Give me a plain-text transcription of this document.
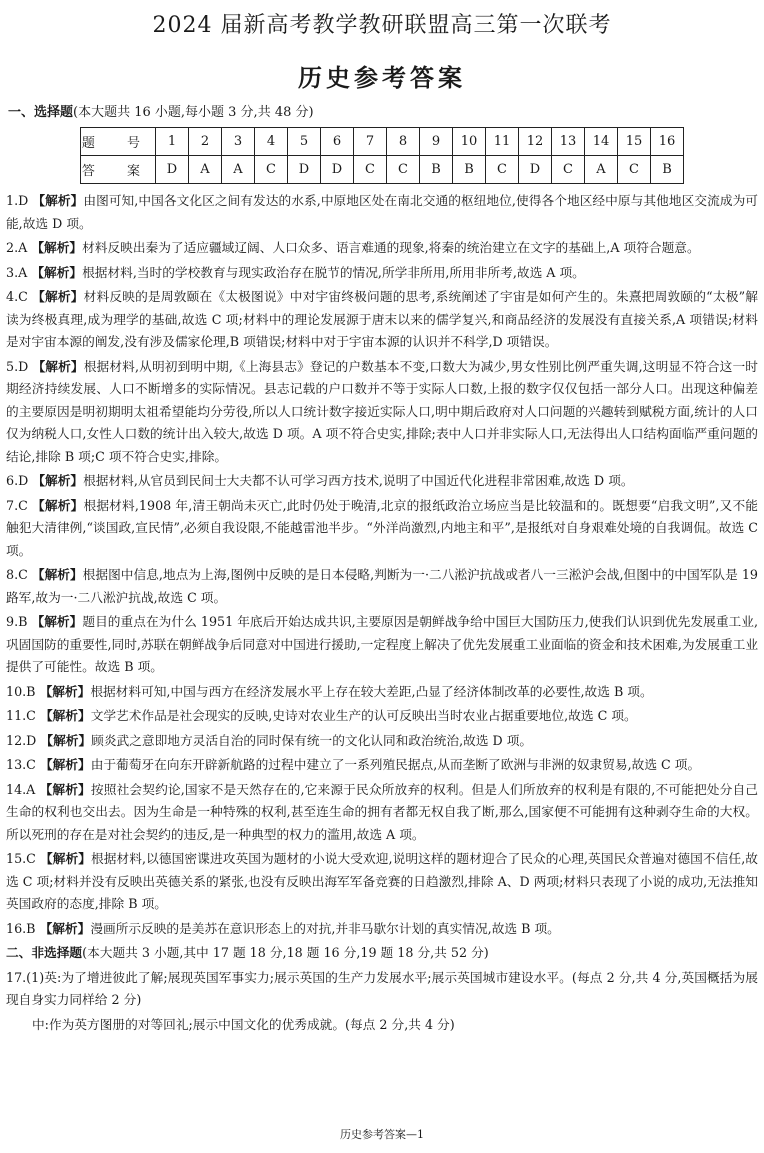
2024 届新高考教学教研联盟高三第一次联考
历史参考答案
一、选择题(本大题共 16 小题,每小题 3 分,共 48 分)
题 号	1	2	3	4	5	6	7	8	9	10	11	12	13	14	15	16
答 案	D	A	A	C	D	D	C	C	B	B	C	D	C	A	C	B
1.D 【解析】由图可知,中国各文化区之间有发达的水系,中原地区处在南北交通的枢纽地位,使得各个地区经中原与其他地区交流成为可能,故选 D 项。
2.A 【解析】材料反映出秦为了适应疆域辽阔、人口众多、语言难通的现象,将秦的统治建立在文字的基础上,A 项符合题意。
3.A 【解析】根据材料,当时的学校教育与现实政治存在脱节的情况,所学非所用,所用非所考,故选 A 项。
4.C 【解析】材料反映的是周敦颐在《太极图说》中对宇宙终极问题的思考,系统阐述了宇宙是如何产生的。朱熹把周敦颐的“太极”解读为终极真理,成为理学的基础,故选 C 项;材料中的理论发展源于唐末以来的儒学复兴,和商品经济的发展没有直接关系,A 项错误;材料是对宇宙本源的阐发,没有涉及儒家伦理,B 项错误;材料中对于宇宙本源的认识并不科学,D 项错误。
5.D 【解析】根据材料,从明初到明中期,《上海县志》登记的户数基本不变,口数大为减少,男女性别比例严重失调,这明显不符合这一时期经济持续发展、人口不断增多的实际情况。县志记载的户口数并不等于实际人口数,上报的数字仅仅包括一部分人口。出现这种偏差的主要原因是明初期明太祖希望能均分劳役,所以人口统计数字接近实际人口,明中期后政府对人口问题的兴趣转到赋税方面,统计的人口仅为纳税人口,女性人口数的统计出入较大,故选 D 项。A 项不符合史实,排除;表中人口并非实际人口,无法得出人口结构面临严重问题的结论,排除 B 项;C 项不符合史实,排除。
6.D 【解析】根据材料,从官员到民间士大夫都不认可学习西方技术,说明了中国近代化进程非常困难,故选 D 项。
7.C 【解析】根据材料,1908 年,清王朝尚未灭亡,此时仍处于晚清,北京的报纸政治立场应当是比较温和的。既想要“启我文明”,又不能触犯大清律例,“谈国政,宣民情”,必须自我设限,不能越雷池半步。“外洋尚激烈,内地主和平”,是报纸对自身艰难处境的自我调侃。故选 C 项。
8.C 【解析】根据图中信息,地点为上海,图例中反映的是日本侵略,判断为一·二八淞沪抗战或者八一三淞沪会战,但图中的中国军队是 19 路军,故为一·二八淞沪抗战,故选 C 项。
9.B 【解析】题目的重点在为什么 1951 年底后开始达成共识,主要原因是朝鲜战争给中国巨大国防压力,使我们认识到优先发展重工业,巩固国防的重要性,同时,苏联在朝鲜战争后同意对中国进行援助,一定程度上解决了优先发展重工业面临的资金和技术困难,为发展重工业提供了可能性。故选 B 项。
10.B 【解析】根据材料可知,中国与西方在经济发展水平上存在较大差距,凸显了经济体制改革的必要性,故选 B 项。
11.C 【解析】文学艺术作品是社会现实的反映,史诗对农业生产的认可反映出当时农业占据重要地位,故选 C 项。
12.D 【解析】顾炎武之意即地方灵活自治的同时保有统一的文化认同和政治统治,故选 D 项。
13.C 【解析】由于葡萄牙在向东开辟新航路的过程中建立了一系列殖民据点,从而垄断了欧洲与非洲的奴隶贸易,故选 C 项。
14.A 【解析】按照社会契约论,国家不是天然存在的,它来源于民众所放弃的权利。但是人们所放弃的权利是有限的,不可能把处分自己生命的权利也交出去。因为生命是一种特殊的权利,甚至连生命的拥有者都无权自我了断,那么,国家便不可能拥有这种剥夺生命的大权。所以死刑的存在是对社会契约的违反,是一种典型的权力的滥用,故选 A 项。
15.C 【解析】根据材料,以德国密谍进攻英国为题材的小说大受欢迎,说明这样的题材迎合了民众的心理,英国民众普遍对德国不信任,故选 C 项;材料并没有反映出英德关系的紧张,也没有反映出海军军备竞赛的日趋激烈,排除 A、D 两项;材料只表现了小说的成功,无法推知英国政府的态度,排除 B 项。
16.B 【解析】漫画所示反映的是美苏在意识形态上的对抗,并非马歇尔计划的真实情况,故选 B 项。
二、非选择题(本大题共 3 小题,其中 17 题 18 分,18 题 16 分,19 题 18 分,共 52 分)
17.(1)英:为了增进彼此了解;展现英国军事实力;展示英国的生产力发展水平;展示英国城市建设水平。(每点 2 分,共 4 分,英国概括为展现自身实力同样给 2 分)
中:作为英方图册的对等回礼;展示中国文化的优秀成就。(每点 2 分,共 4 分)
历史参考答案—1
